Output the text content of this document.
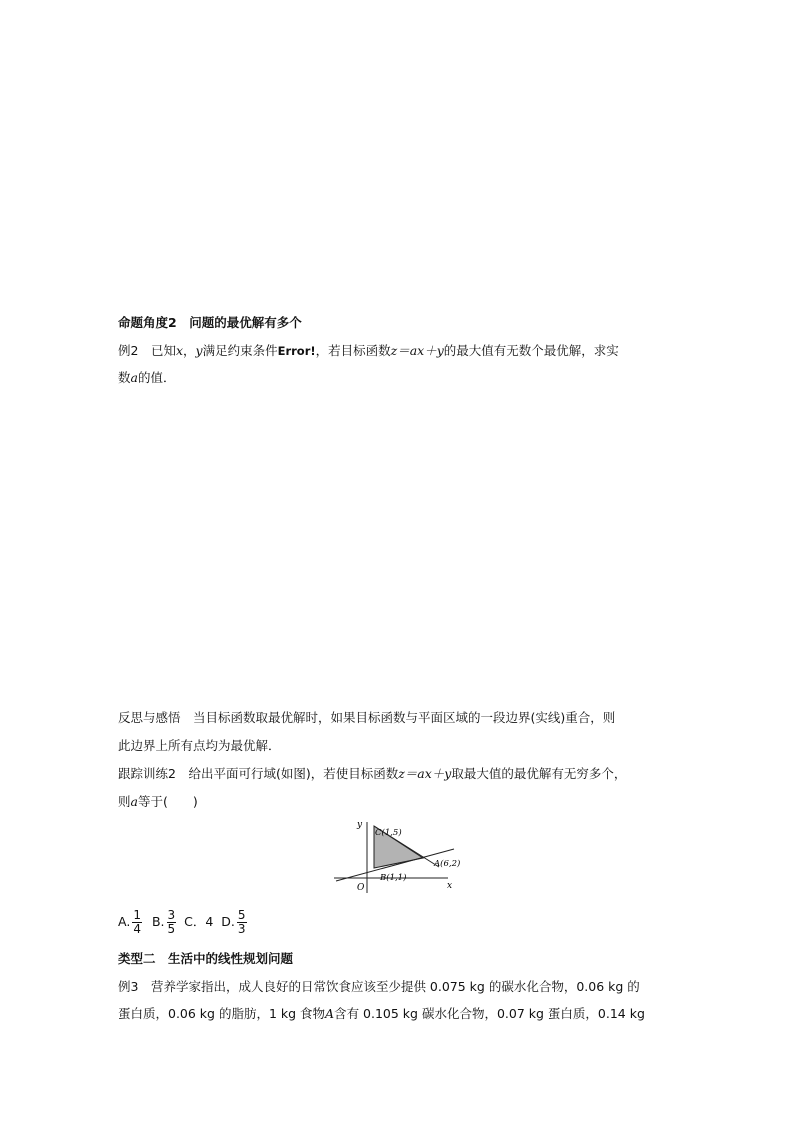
命题角度2　问题的最优解有多个
例2　已知x，y满足约束条件Error!，若目标函数z＝ax＋y的最大值有无数个最优解，求实
数a的值．
反思与感悟　当目标函数取最优解时，如果目标函数与平面区域的一段边界(实线)重合，则
此边界上所有点均为最优解．
跟踪训练2　给出平面可行域(如图)，若使目标函数z＝ax＋y取最大值的最优解有无穷多个，
则a等于(　　)
y
x
O
C(1,5)
A(6,2)
B(1,1)
A. $\frac{1}{4} B$. $\frac{3}{5}$ C．4 D. $\frac{5}{3}$
类型二　生活中的线性规划问题
例3　营养学家指出，成人良好的日常饮食应该至少提供 0.075 kg 的碳水化合物，0.06 kg 的
蛋白质，0.06 kg 的脂肪，1 kg 食物A含有 0.105 kg 碳水化合物，0.07 kg 蛋白质，0.14 kg
